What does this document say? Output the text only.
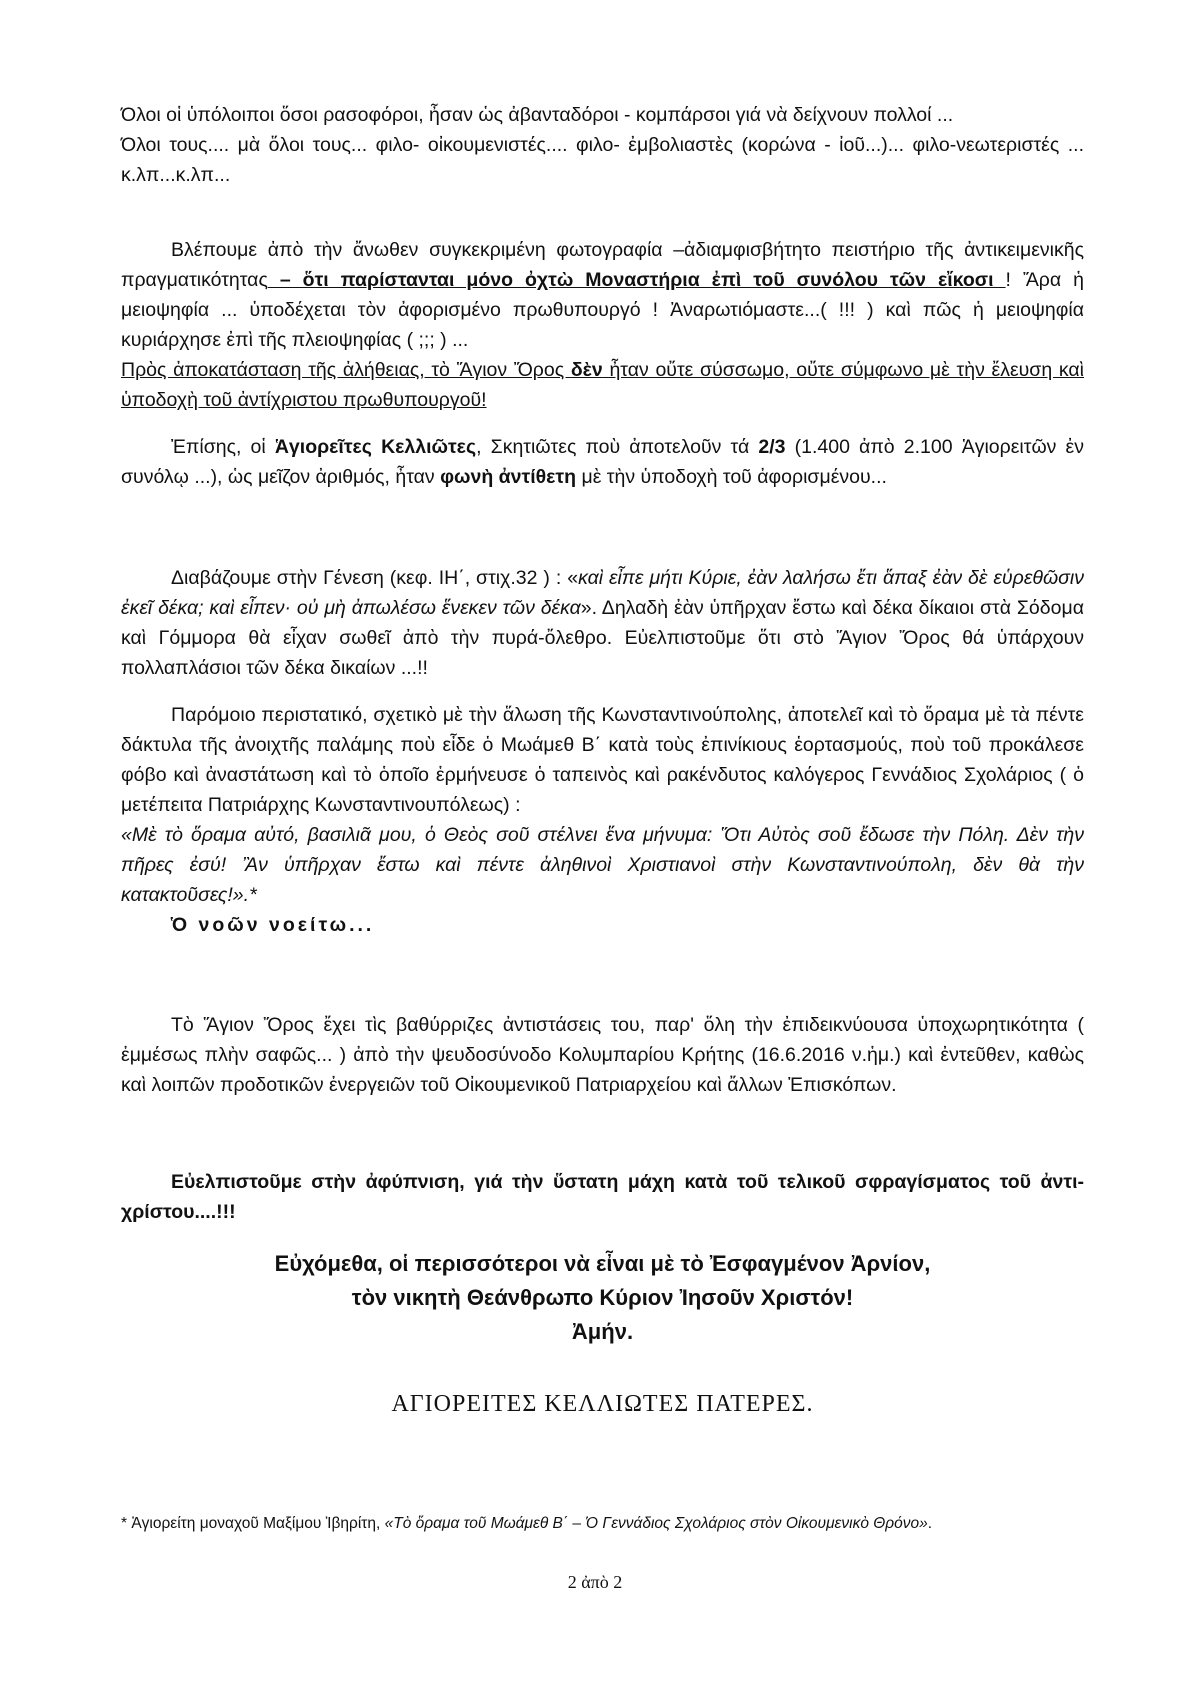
Όλοι οἱ ὑπόλοιποι ὅσοι ρασοφόροι, ἦσαν ὡς ἀβανταδόροι - κομπάρσοι γιά νὰ δείχνουν πολλοί ...

Όλοι τους.... μὰ ὅλοι τους... φιλο- οἰκουμενιστές.... φιλο- ἐμβολιαστὲς (κορώνα - ἰοῦ...)... φιλο-νεωτεριστές ... κ.λπ...κ.λπ...

Βλέπουμε ἀπὸ τὴν ἄνωθεν συγκεκριμένη φωτογραφία –ἀδιαμφισβήτητο πειστήριο τῆς ἀντικειμενικῆς πραγματικότητας – ὅτι παρίστανται μόνο ὀχτὼ Μοναστήρια ἐπὶ τοῦ συνόλου τῶν εἴκοσι ! Ἄρα ἡ μειοψηφία ... ὑποδέχεται τὸν ἀφορισμένο πρωθυπουργό ! Ἀναρωτιόμαστε...( !!! ) καὶ πῶς ἡ μειοψηφία κυριάρχησε ἐπὶ τῆς πλειοψηφίας ( ;;; ) ...

Πρὸς ἀποκατάσταση τῆς ἀλήθειας, τὸ Ἅγιον Ὄρος δὲν ἦταν οὔτε σύσσωμο, οὔτε σύμφωνο μὲ τὴν ἔλευση καὶ ὑποδοχὴ τοῦ ἀντίχριστου πρωθυπουργοῦ!

Ἐπίσης, οἱ Ἁγιορεῖτες Κελλιῶτες, Σκητιῶτες ποὺ ἀποτελοῦν τά 2/3 (1.400 ἀπὸ 2.100 Ἁγιορειτῶν ἐν συνόλῳ ...), ὡς μεῖζον ἀριθμός, ἦταν φωνὴ ἀντίθετη μὲ τὴν ὑποδοχὴ τοῦ ἀφορισμένου...

Διαβάζουμε στὴν Γένεση (κεφ. ΙΗ΄, στιχ.32 ) : «καὶ εἶπε μήτι Κύριε, ἐὰν λαλήσω ἔτι ἅπαξ ἐὰν δὲ εὑρεθῶσιν ἐκεῖ δέκα; καὶ εἶπεν· οὐ μὴ ἀπωλέσω ἕνεκεν τῶν δέκα». Δηλαδὴ ἐὰν ὑπῆρχαν ἔστω καὶ δέκα δίκαιοι στὰ Σόδομα καὶ Γόμμορα θὰ εἶχαν σωθεῖ ἀπὸ τὴν πυρά-ὄλεθρο. Εὐελπιστοῦμε ὅτι στὸ Ἅγιον Ὄρος θά ὑπάρχουν πολλαπλάσιοι τῶν δέκα δικαίων ...!!

Παρόμοιο περιστατικό, σχετικὸ μὲ τὴν ἅλωση τῆς Κωνσταντινούπολης, ἀποτελεῖ καὶ τὸ ὅραμα μὲ τὰ πέντε δάκτυλα τῆς ἀνοιχτῆς παλάμης ποὺ εἶδε ὁ Μωάμεθ Β΄ κατὰ τοὺς ἐπινίκιους ἑορτασμούς, ποὺ τοῦ προκάλεσε φόβο καὶ ἀναστάτωση καὶ τὸ ὁποῖο ἑρμήνευσε ὁ ταπεινὸς καὶ ρακένδυτος καλόγερος Γεννάδιος Σχολάριος ( ὁ μετέπειτα Πατριάρχης Κωνσταντινουπόλεως) :

«Μὲ τὸ ὅραμα αὐτό, βασιλιᾶ μου, ὁ Θεὸς σοῦ στέλνει ἕνα μήνυμα: Ὅτι Αὐτὸς σοῦ ἔδωσε τὴν Πόλη. Δὲν τὴν πῆρες ἐσύ! Ἂν ὑπῆρχαν ἔστω καὶ πέντε ἀληθινοὶ Χριστιανοὶ στὴν Κωνσταντινούπολη, δὲν θὰ τὴν κατακτοῦσες!».*

Ὁ νοῶν νοείτω...

Τὸ Ἅγιον Ὄρος ἔχει τὶς βαθύρριζες ἀντιστάσεις του, παρ' ὅλη τὴν ἐπιδεικνύουσα ὑποχωρητικότητα ( ἐμμέσως πλὴν σαφῶς... ) ἀπὸ τὴν ψευδοσύνοδο Κολυμπαρίου Κρήτης (16.6.2016 ν.ἡμ.) καὶ ἐντεῦθεν, καθὼς καὶ λοιπῶν προδοτικῶν ἐνεργειῶν τοῦ Οἰκουμενικοῦ Πατριαρχείου καὶ ἄλλων Ἐπισκόπων.

Εὐελπιστοῦμε στὴν ἀφύπνιση, γιά τὴν ὕστατη μάχη κατὰ τοῦ τελικοῦ σφραγίσματος τοῦ ἀντι- χρίστου....!!!

Εὐχόμεθα, οἱ περισσότεροι νὰ εἶναι μὲ τὸ Ἐσφαγμένον Ἀρνίον,
τὸν νικητὴ Θεάνθρωπο Κύριον Ἰησοῦν Χριστόν!
Ἀμήν.
ΑΓΙΟΡΕΙΤΕΣ ΚΕΛΛΙΩΤΕΣ ΠΑΤΕΡΕΣ.
* Ἁγιορείτη μοναχοῦ Μαξίμου Ἰβηρίτη, «Τὸ ὅραμα τοῦ Μωάμεθ Β΄ – Ὁ Γεννάδιος Σχολάριος στὸν Οἰκουμενικὸ Θρόνο».
2 ἀπὸ 2
